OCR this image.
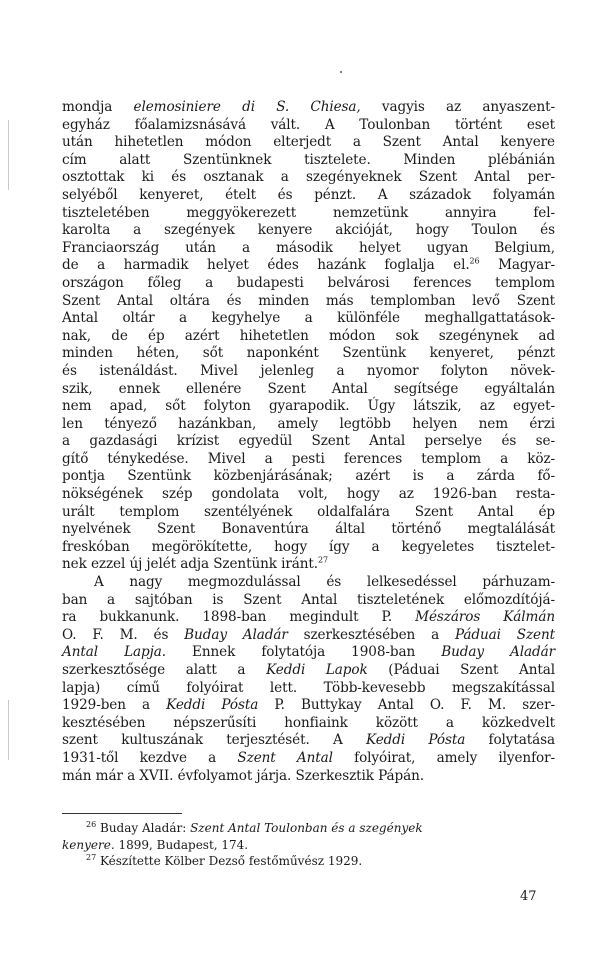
mondja elemosiniere di S. Chiesa, vagyis az anyaszent-
egyház főalamizsnásává vált. A Toulonban történt eset
után hihetetlen módon elterjedt a Szent Antal kenyere
cím alatt Szentünknek tisztelete. Minden plébánián
osztottak ki és osztanak a szegényeknek Szent Antal per-
selyéből kenyeret, ételt és pénzt. A századok folyamán
tiszteletében meggyökerezett nemzetünk annyira fel-
karolta a szegények kenyere akcióját, hogy Toulon és
Franciaország után a második helyet ugyan Belgium,
de a harmadik helyet édes hazánk foglalja el.$^{26}$ Magyar-
országon főleg a budapesti belvárosi ferences templom
Szent Antal oltára és minden más templomban levő Szent
Antal oltár a kegyhelye a különféle meghallgattatások-
nak, de ép azért hihetetlen módon sok szegénynek ad
minden héten, sőt naponként Szentünk kenyeret, pénzt
és istenáldást. Mivel jelenleg a nyomor folyton növek-
szik, ennek ellenére Szent Antal segítsége egyáltalán
nem apad, sőt folyton gyarapodik. Úgy látszik, az egyet-
len tényező hazánkban, amely legtöbb helyen nem érzi
a gazdasági krízist egyedül Szent Antal perselye és se-
gítő ténykedése. Mivel a pesti ferences templom a köz-
pontja Szentünk közbenjárásának; azért is a zárda fő-
nökségének szép gondolata volt, hogy az 1926-ban resta-
urált templom szentélyének oldalfalára Szent Antal ép
nyelvének Szent Bonaventúra által történő megtalálását
freskóban megörökítette, hogy így a kegyeletes tisztelet-
nek ezzel új jelét adja Szentünk iránt.$^{27}$
A nagy megmozdulással és lelkesedéssel párhuzam-
ban a sajtóban is Szent Antal tiszteletének előmozdítójá-
ra bukkanunk. 1898-ban megindult P. Mészáros Kálmán
O. F. M. és Buday Aladár szerkesztésében a Páduai Szent
Antal Lapja. Ennek folytatója 1908-ban Buday Aladár
szerkesztősége alatt a Keddi Lapok (Páduai Szent Antal
lapja) című folyóirat lett. Több-kevesebb megszakítással
1929-ben a Keddi Pósta P. Buttykay Antal O. F. M. szer-
kesztésében népszerűsíti honfiaink között a közkedvelt
szent kultuszának terjesztését. A Keddi Pósta folytatása
1931-től kezdve a Szent Antal folyóirat, amely ilyenfor-
mán már a XVII. évfolyamot járja. Szerkesztik Pápán.
$^{26}$ Buday Aladár: Szent Antal Toulonban és a szegények
kenyere. 1899, Budapest, 174.
$^{27}$ Készítette Kölber Dezső festőművész 1929.
47
